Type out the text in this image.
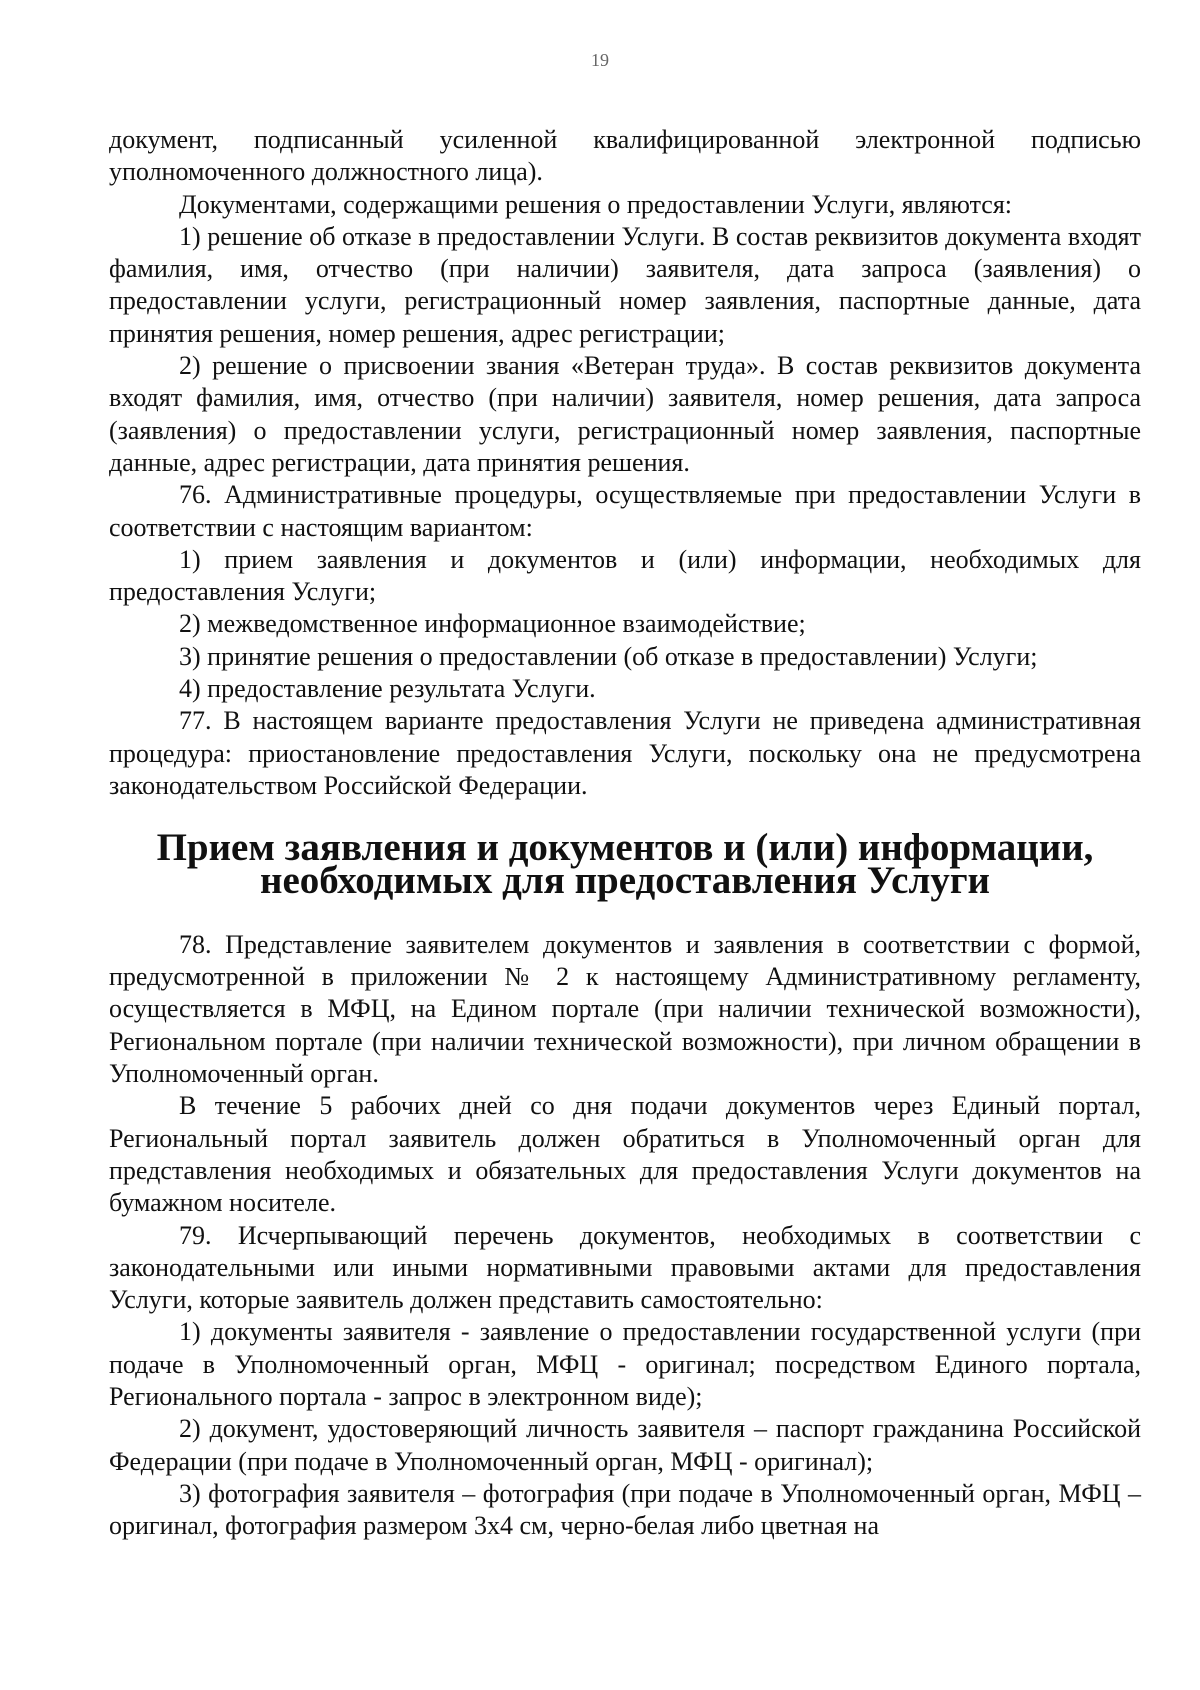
19

документ, подписанный усиленной квалифицированной электронной подписью уполномоченного должностного лица).

Документами, содержащими решения о предоставлении Услуги, являются:

1) решение об отказе в предоставлении Услуги. В состав реквизитов документа входят фамилия, имя, отчество (при наличии) заявителя, дата запроса (заявления) о предоставлении услуги, регистрационный номер заявления, паспортные данные, дата принятия решения, номер решения, адрес регистрации;

2) решение о присвоении звания «Ветеран труда». В состав реквизитов документа входят фамилия, имя, отчество (при наличии) заявителя, номер решения, дата запроса (заявления) о предоставлении услуги, регистрационный номер заявления, паспортные данные, адрес регистрации, дата принятия решения.

76. Административные процедуры, осуществляемые при предоставлении Услуги в соответствии с настоящим вариантом:

1) прием заявления и документов и (или) информации, необходимых для предоставления Услуги;

2) межведомственное информационное взаимодействие;

3) принятие решения о предоставлении (об отказе в предоставлении) Услуги;

4) предоставление результата Услуги.

77. В настоящем варианте предоставления Услуги не приведена административная процедура: приостановление предоставления Услуги, поскольку она не предусмотрена законодательством Российской Федерации.

Прием заявления и документов и (или) информации, необходимых для предоставления Услуги

78. Представление заявителем документов и заявления в соответствии с формой, предусмотренной в приложении № 2 к настоящему Административному регламенту, осуществляется в МФЦ, на Едином портале (при наличии технической возможности), Региональном портале (при наличии технической возможности), при личном обращении в Уполномоченный орган.

В течение 5 рабочих дней со дня подачи документов через Единый портал, Региональный портал заявитель должен обратиться в Уполномоченный орган для представления необходимых и обязательных для предоставления Услуги документов на бумажном носителе.

79. Исчерпывающий перечень документов, необходимых в соответствии с законодательными или иными нормативными правовыми актами для предоставления Услуги, которые заявитель должен представить самостоятельно:

1) документы заявителя - заявление о предоставлении государственной услуги (при подаче в Уполномоченный орган, МФЦ - оригинал; посредством Единого портала, Регионального портала - запрос в электронном виде);

2) документ, удостоверяющий личность заявителя – паспорт гражданина Российской Федерации (при подаче в Уполномоченный орган, МФЦ - оригинал);

3) фотография заявителя – фотография (при подаче в Уполномоченный орган, МФЦ – оригинал, фотография размером 3х4 см, черно-белая либо цветная на
